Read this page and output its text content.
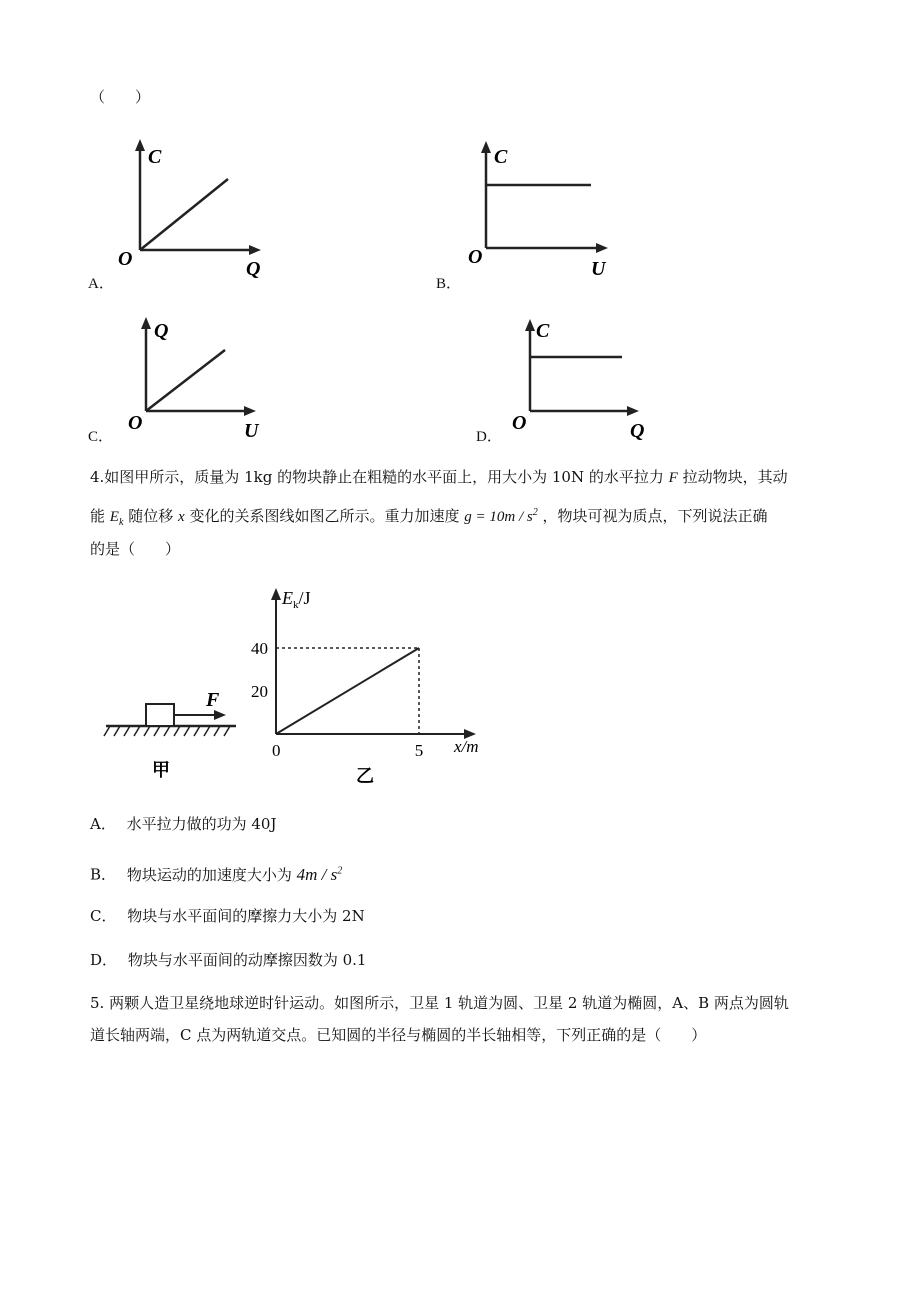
（　　）
C
O	Q
A．
C
O
U
B．
Q
O	U
C．
C
O	Q
D．
4.如图甲所示，质量为 1kg 的物块静止在粗糙的水平面上，用大小为 10N 的水平拉力 F 拉动物块，其动
能 $E_k$ 随位移 x 变化的关系图线如图乙所示。重力加速度 $g = 10m / s^2$ ，物块可视为质点，下列说法正确
的是（　　）
F
甲
$E_k/J$
x/m
0
乙
20
40
5
A． 水平拉力做的功为 40J
B． 物块运动的加速度大小为 $4m / s^2$
C． 物块与水平面间的摩擦力大小为 2N
D． 物块与水平面间的动摩擦因数为 0.1
5. 两颗人造卫星绕地球逆时针运动。如图所示，卫星 1 轨道为圆、卫星 2 轨道为椭圆，A、B 两点为圆轨
道长轴两端，C 点为两轨道交点。已知圆的半径与椭圆的半长轴相等，下列正确的是（　　）
